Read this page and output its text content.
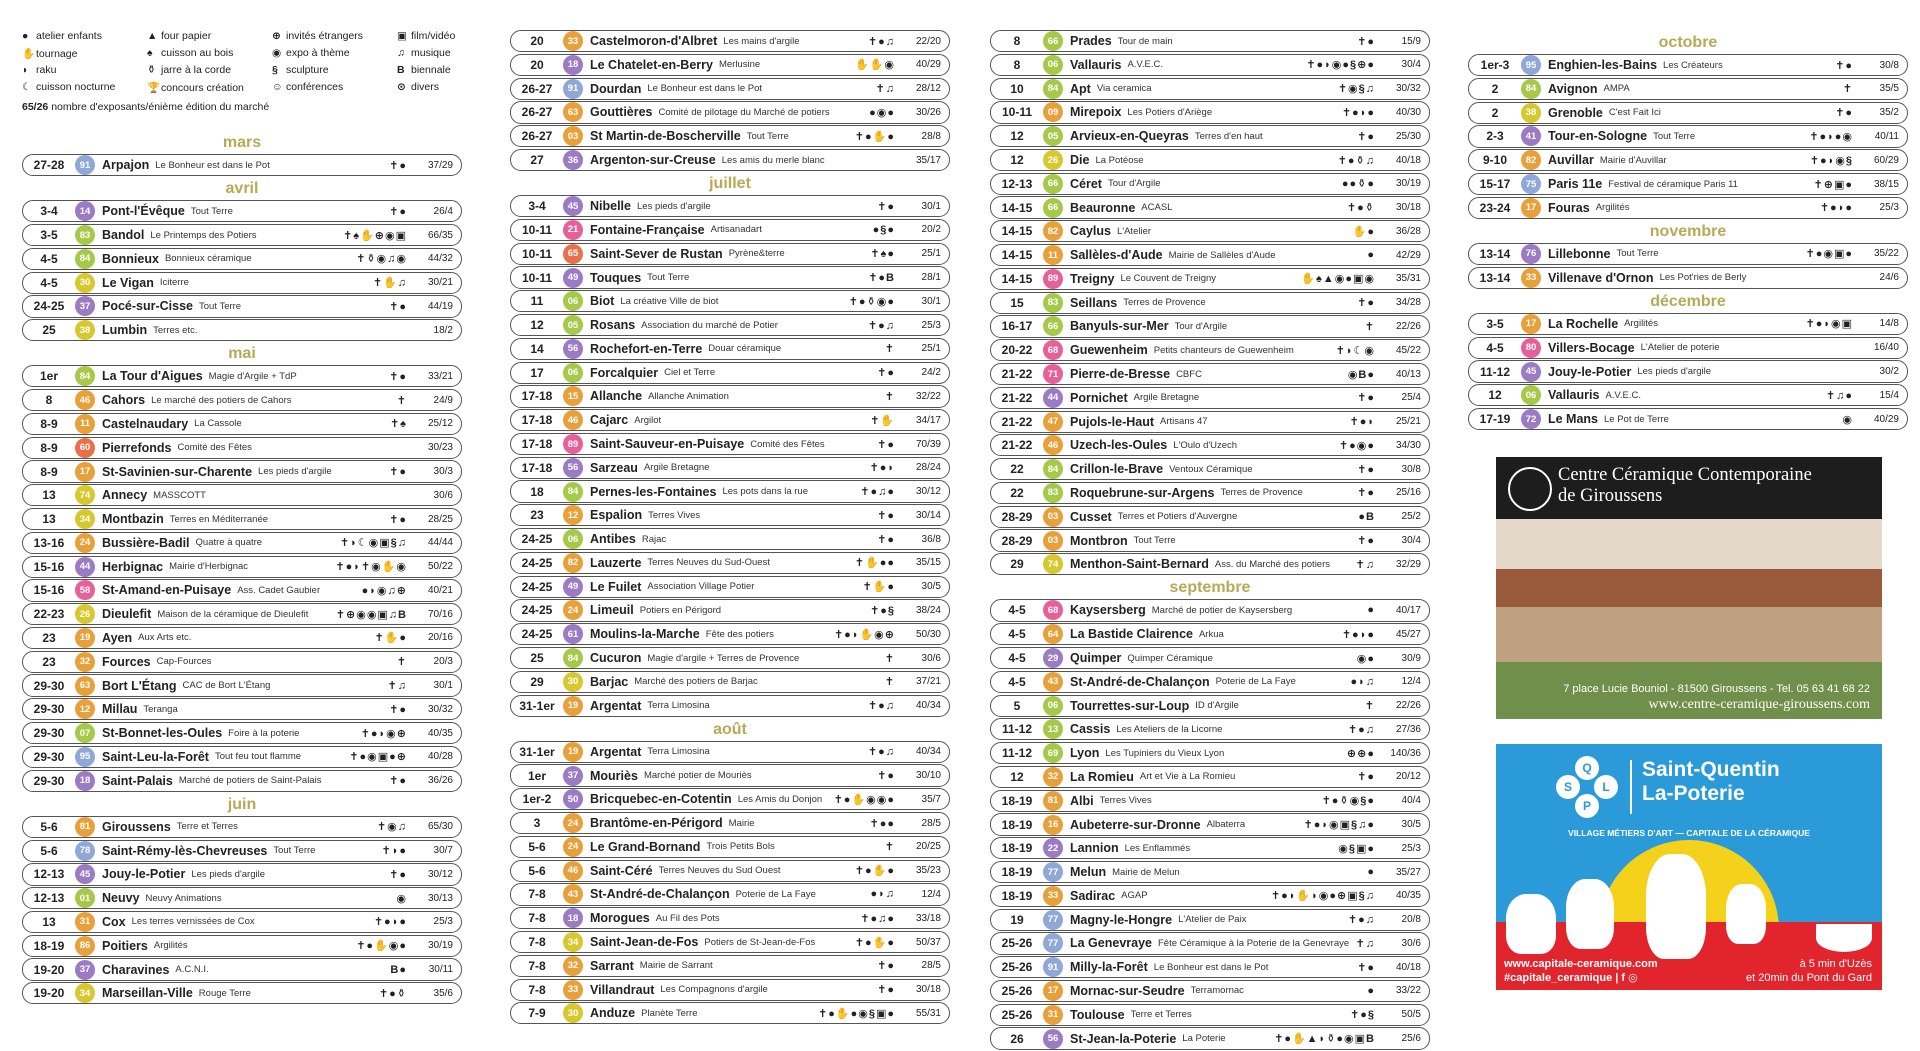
65/26 nombre d'exposants/énième édition du marché
● atelier enfants	▲ four papier	⊕ invités étrangers	▣ film/vidéo
✋tournage	♠ cuisson au bois	◉ expo à thème	♫ musique
◗ raku	⚱ jarre à la corde	§ sculpture	B biennale
☾ cuisson nocturne	🏆concours création	☺ conférences	⊙ divers
mars
27-28	91 Arpajon Le Bonheur est dans le Pot	✝●	37/29
avril
3-4	14 Pont-l'Évêque Tout Terre	✝●	26/4
3-5	83 Bandol Le Printemps des Potiers	✝♠✋⊕◉▣	66/35
4-5	84 Bonnieux Bonnieux céramique	✝⚱◉♫◉	44/32
4-5	30 Le Vigan Iciterre	✝✋♫	30/21
24-25	37 Pocé-sur-Cisse Tout Terre	✝●	44/19
25	38 Lumbin Terres etc.	18/2
mai
1er	84 La Tour d'Aigues Magie d'Argile + TdP	✝●	33/21
8	46 Cahors Le marché des potiers de Cahors	✝	24/9
8-9	11 Castelnaudary La Cassole	✝♠	25/12
8-9	60 Pierrefonds Comité des Fêtes	30/23
8-9	17 St-Savinien-sur-Charente Les pieds d'argile	✝●	30/3
13	74 Annecy MASSCOTT	30/6
13	34 Montbazin Terres en Méditerranée	✝●	28/25
13-16	24 Bussière-Badil Quatre à quatre	✝◗☾◉▣§♫	44/44
15-16	44 Herbignac Mairie d'Herbignac	✝●◗✝◉✋◉	50/22
15-16	58 St-Amand-en-Puisaye Ass. Cadet Gaubier	●◗◉♫⊕	40/21
22-23	26 Dieulefit Maison de la céramique de Dieulefit ✝⊕◉◉▣♫B	70/16
23	19 Ayen Aux Arts etc.	✝✋●	20/16
23	32 Fources Cap-Fources	✝	20/3
29-30	63 Bort L'Étang CAC de Bort L'Étang	✝♫	30/1
29-30	12 Millau Teranga	✝●	30/32
29-30	07 St-Bonnet-les-Oules Foire à la poterie	✝●◗◉⊕	40/35
29-30	95 Saint-Leu-la-Forêt Tout feu tout flamme	✝●◉▣●⊕	40/28
29-30	18 Saint-Palais Marché de potiers de Saint-Palais	✝●	36/26
juin
5-6	81 Giroussens Terre et Terres	✝◉♫	65/30
5-6	78 Saint-Rémy-lès-Chevreuses Tout Terre	✝◗●	30/7
12-13	45 Jouy-le-Potier Les pieds d'argile	✝●	30/12
12-13	01 Neuvy Neuvy Animations	◉	30/13
13	31 Cox Les terres vernissées de Cox	✝●◗●	25/3
18-19	86 Poitiers Argilités	✝●✋◉●	30/19
19-20	37 Charavines A.C.N.I.	B●	30/11
19-20	34 Marseillan-Ville Rouge Terre	✝●⚱	35/6
20	33 Castelmoron-d'Albret Les mains d'argile	✝●♫	22/20
20	18 Le Chatelet-en-Berry Merlusine	✋✋◉	40/29
26-27	91 Dourdan Le Bonheur est dans le Pot	✝♫	28/12
26-27	63 Gouttières Comité de pilotage du Marché de potiers	●◉●	30/26
26-27	03 St Martin-de-Boscherville Tout Terre	✝●✋●	28/8
27	36 Argenton-sur-Creuse Les amis du merle blanc	35/17
juillet
3-4	45 Nibelle Les pieds d'argile	✝●	30/1
10-11	21 Fontaine-Française Artisanadart	●§●	20/2
10-11	65 Saint-Sever de Rustan Pyrène&terre	✝♠●	25/1
10-11	49 Touques Tout Terre	✝●B	28/1
11	06 Biot La créative Ville de biot	✝●⚱◉●	30/1
12	05 Rosans Association du marché de Potier	✝●♫	25/3
14	56 Rochefort-en-Terre Douar céramique	✝	25/1
17	06 Forcalquier Ciel et Terre	✝●	24/2
17-18	15 Allanche Allanche Animation	✝	32/22
17-18	46 Cajarc Argilot	✝✋	34/17
17-18	89 Saint-Sauveur-en-Puisaye Comité des Fêtes	✝●	70/39
17-18	56 Sarzeau Argile Bretagne	✝●◗	28/24
18	84 Pernes-les-Fontaines Les pots dans la rue	✝●♫●	30/12
23	12 Espalion Terres Vives	✝●	30/14
24-25	06 Antibes Rajac	✝●	36/8
24-25	82 Lauzerte Terres Neuves du Sud-Ouest	✝✋●●	35/15
24-25	49 Le Fuilet Association Village Potier	✝✋●	30/5
24-25	24 Limeuil Potiers en Périgord	✝●§	38/24
24-25	61 Moulins-la-Marche Fête des potiers	✝●◗✋◉⊕	50/30
25	84 Cucuron Magie d'argile + Terres de Provence	✝	30/6
29	30 Barjac Marché des potiers de Barjac	✝	37/21
31-1er	19 Argentat Terra Limosina	✝●♫	40/34
août
31-1er	19 Argentat Terra Limosina	✝●♫	40/34
1er	37 Mouriès Marché potier de Mouriès	✝●	30/10
1er-2	50 Bricquebec-en-Cotentin Les Amis du Donjon ✝●✋◉◉●	35/7
3	24 Brantôme-en-Périgord Mairie	✝●●	28/5
5-6	24 Le Grand-Bornand Trois Petits Bols	✝	20/25
5-6	46 Saint-Céré Terres Neuves du Sud Ouest	✝●✋●	35/23
7-8	43 St-André-de-Chalançon Poterie de La Faye	●◗♫	12/4
7-8	18 Morogues Au Fil des Pots	✝●♫●	33/18
7-8	34 Saint-Jean-de-Fos Potiers de St-Jean-de-Fos	✝●✋●	50/37
7-8	32 Sarrant Mairie de Sarrant	✝●	28/5
7-8	33 Villandraut Les Compagnons d'argile	✝●	30/18
7-9	30 Anduze Planète Terre	✝●✋●◉§▣●	55/31
8	66 Prades Tour de main	✝●	15/9
8	06 Vallauris A.V.E.C.	✝●◗◉●§⊕●	30/4
10	84 Apt Via ceramica	✝◉§♫	30/32
10-11	09 Mirepoix Les Potiers d'Ariège	✝●◗●	40/30
12	05 Arvieux-en-Queyras Terres d'en haut	✝●	25/30
12	26 Die La Potéose	✝●⚱♫	40/18
12-13	66 Céret Tour d'Argile	●●⚱●	30/19
14-15	66 Beauronne ACASL	✝●⚱	30/18
14-15	82 Caylus L'Atelier	✋●	36/28
14-15	11 Sallèles-d'Aude Mairie de Sallèles d'Aude	●	42/29
14-15	89 Treigny Le Couvent de Treigny	✋♠▲◉●▣◉	35/31
15	83 Seillans Terres de Provence	✝●	34/28
16-17	66 Banyuls-sur-Mer Tour d'Argile	✝	22/26
20-22	68 Guewenheim Petits chanteurs de Guewenheim	✝◗☾◉	45/22
21-22	71 Pierre-de-Bresse CBFC	◉B●	40/13
21-22	44 Pornichet Argile Bretagne	✝●	25/4
21-22	47 Pujols-le-Haut Artisans 47	✝●◗	25/21
21-22	46 Uzech-les-Oules L'Oulo d'Uzech	✝●◉●	34/30
22	84 Crillon-le-Brave Ventoux Céramique	✝●	30/8
22	83 Roquebrune-sur-Argens Terres de Provence	✝●	25/16
28-29	03 Cusset Terres et Potiers d'Auvergne	●B	25/2
28-29	03 Montbron Tout Terre	✝●	30/4
29	74 Menthon-Saint-Bernard Ass. du Marché des potiers ✝♫	32/29
septembre
4-5	68 Kaysersberg Marché de potier de Kaysersberg	●	40/17
4-5	64 La Bastide Clairence Arkua	✝●◗●	45/27
4-5	29 Quimper Quimper Céramique	◉●	30/9
4-5	43 St-André-de-Chalançon Poterie de La Faye	●◗♫	12/4
5	06 Tourrettes-sur-Loup ID d'Argile	✝	22/26
11-12	13 Cassis Les Ateliers de la Licorne	✝●♫	27/36
11-12	69 Lyon Les Tupiniers du Vieux Lyon	⊕⊕●	140/36
12	32 La Romieu Art et Vie à La Romieu	✝●	20/12
18-19	81 Albi Terres Vives	✝●⚱◉§●	40/4
18-19	16 Aubeterre-sur-Dronne Albaterra	✝●◗◉▣§♫●	30/5
18-19	22 Lannion Les Enflammés	◉§▣●	25/3
18-19	77 Melun Mairie de Melun	●	35/27
18-19	33 Sadirac AGAP	✝●◗✋◗◉●⊕▣§♫	40/35
19	77 Magny-le-Hongre L'Atelier de Paix	✝●♫	20/8
25-26	77 La Genevraye Fête Céramique à la Poterie de la Genevraye ✝♫	30/6
25-26	91 Milly-la-Forêt Le Bonheur est dans le Pot	✝●	40/18
25-26	17 Mornac-sur-Seudre Terramornac	●	33/22
25-26	31 Toulouse Terre et Terres	✝●§	50/5
26	56 St-Jean-la-Poterie La Poterie	✝●✋▲◗⚱●◉▣B	25/6
octobre
1er-3	95 Enghien-les-Bains Les Créateurs	✝●	30/8
2	84 Avignon AMPA	✝	35/5
2	38 Grenoble C'est Fait Ici	✝●	35/2
2-3	41 Tour-en-Sologne Tout Terre	✝●◗●◉	40/11
9-10	82 Auvillar Mairie d'Auvillar	✝●◗◉§	60/29
15-17	75 Paris 11e Festival de céramique Paris 11	✝⊕▣●	38/15
23-24	17 Fouras Argilités	✝●◗●	25/3
novembre
13-14	76 Lillebonne Tout Terre	✝●◉▣●	35/22
13-14	33 Villenave d'Ornon Les Pot'ries de Berly	24/6
décembre
3-5	17 La Rochelle Argilités	✝●◗◉▣	14/8
4-5	80 Villers-Bocage L'Atelier de poterie	16/40
11-12	45 Jouy-le-Potier Les pieds d'argile	30/2
12	06 Vallauris A.V.E.C.	✝♫●	15/4
17-19	72 Le Mans Le Pot de Terre	◉	40/29
Centre Céramique Contemporaine
de Giroussens
7 place Lucie Bouniol - 81500 Giroussens - Tel. 05 63 41 68 22
www.centre-ceramique-giroussens.com
S
Q
L
P
Saint-Quentin
La-Poterie
VILLAGE MÉTIERS D'ART — CAPITALE DE LA CÉRAMIQUE
www.capitale-ceramique.com
#capitale_ceramique | f ◎
à 5 min d'Uzès
et 20min du Pont du Gard
